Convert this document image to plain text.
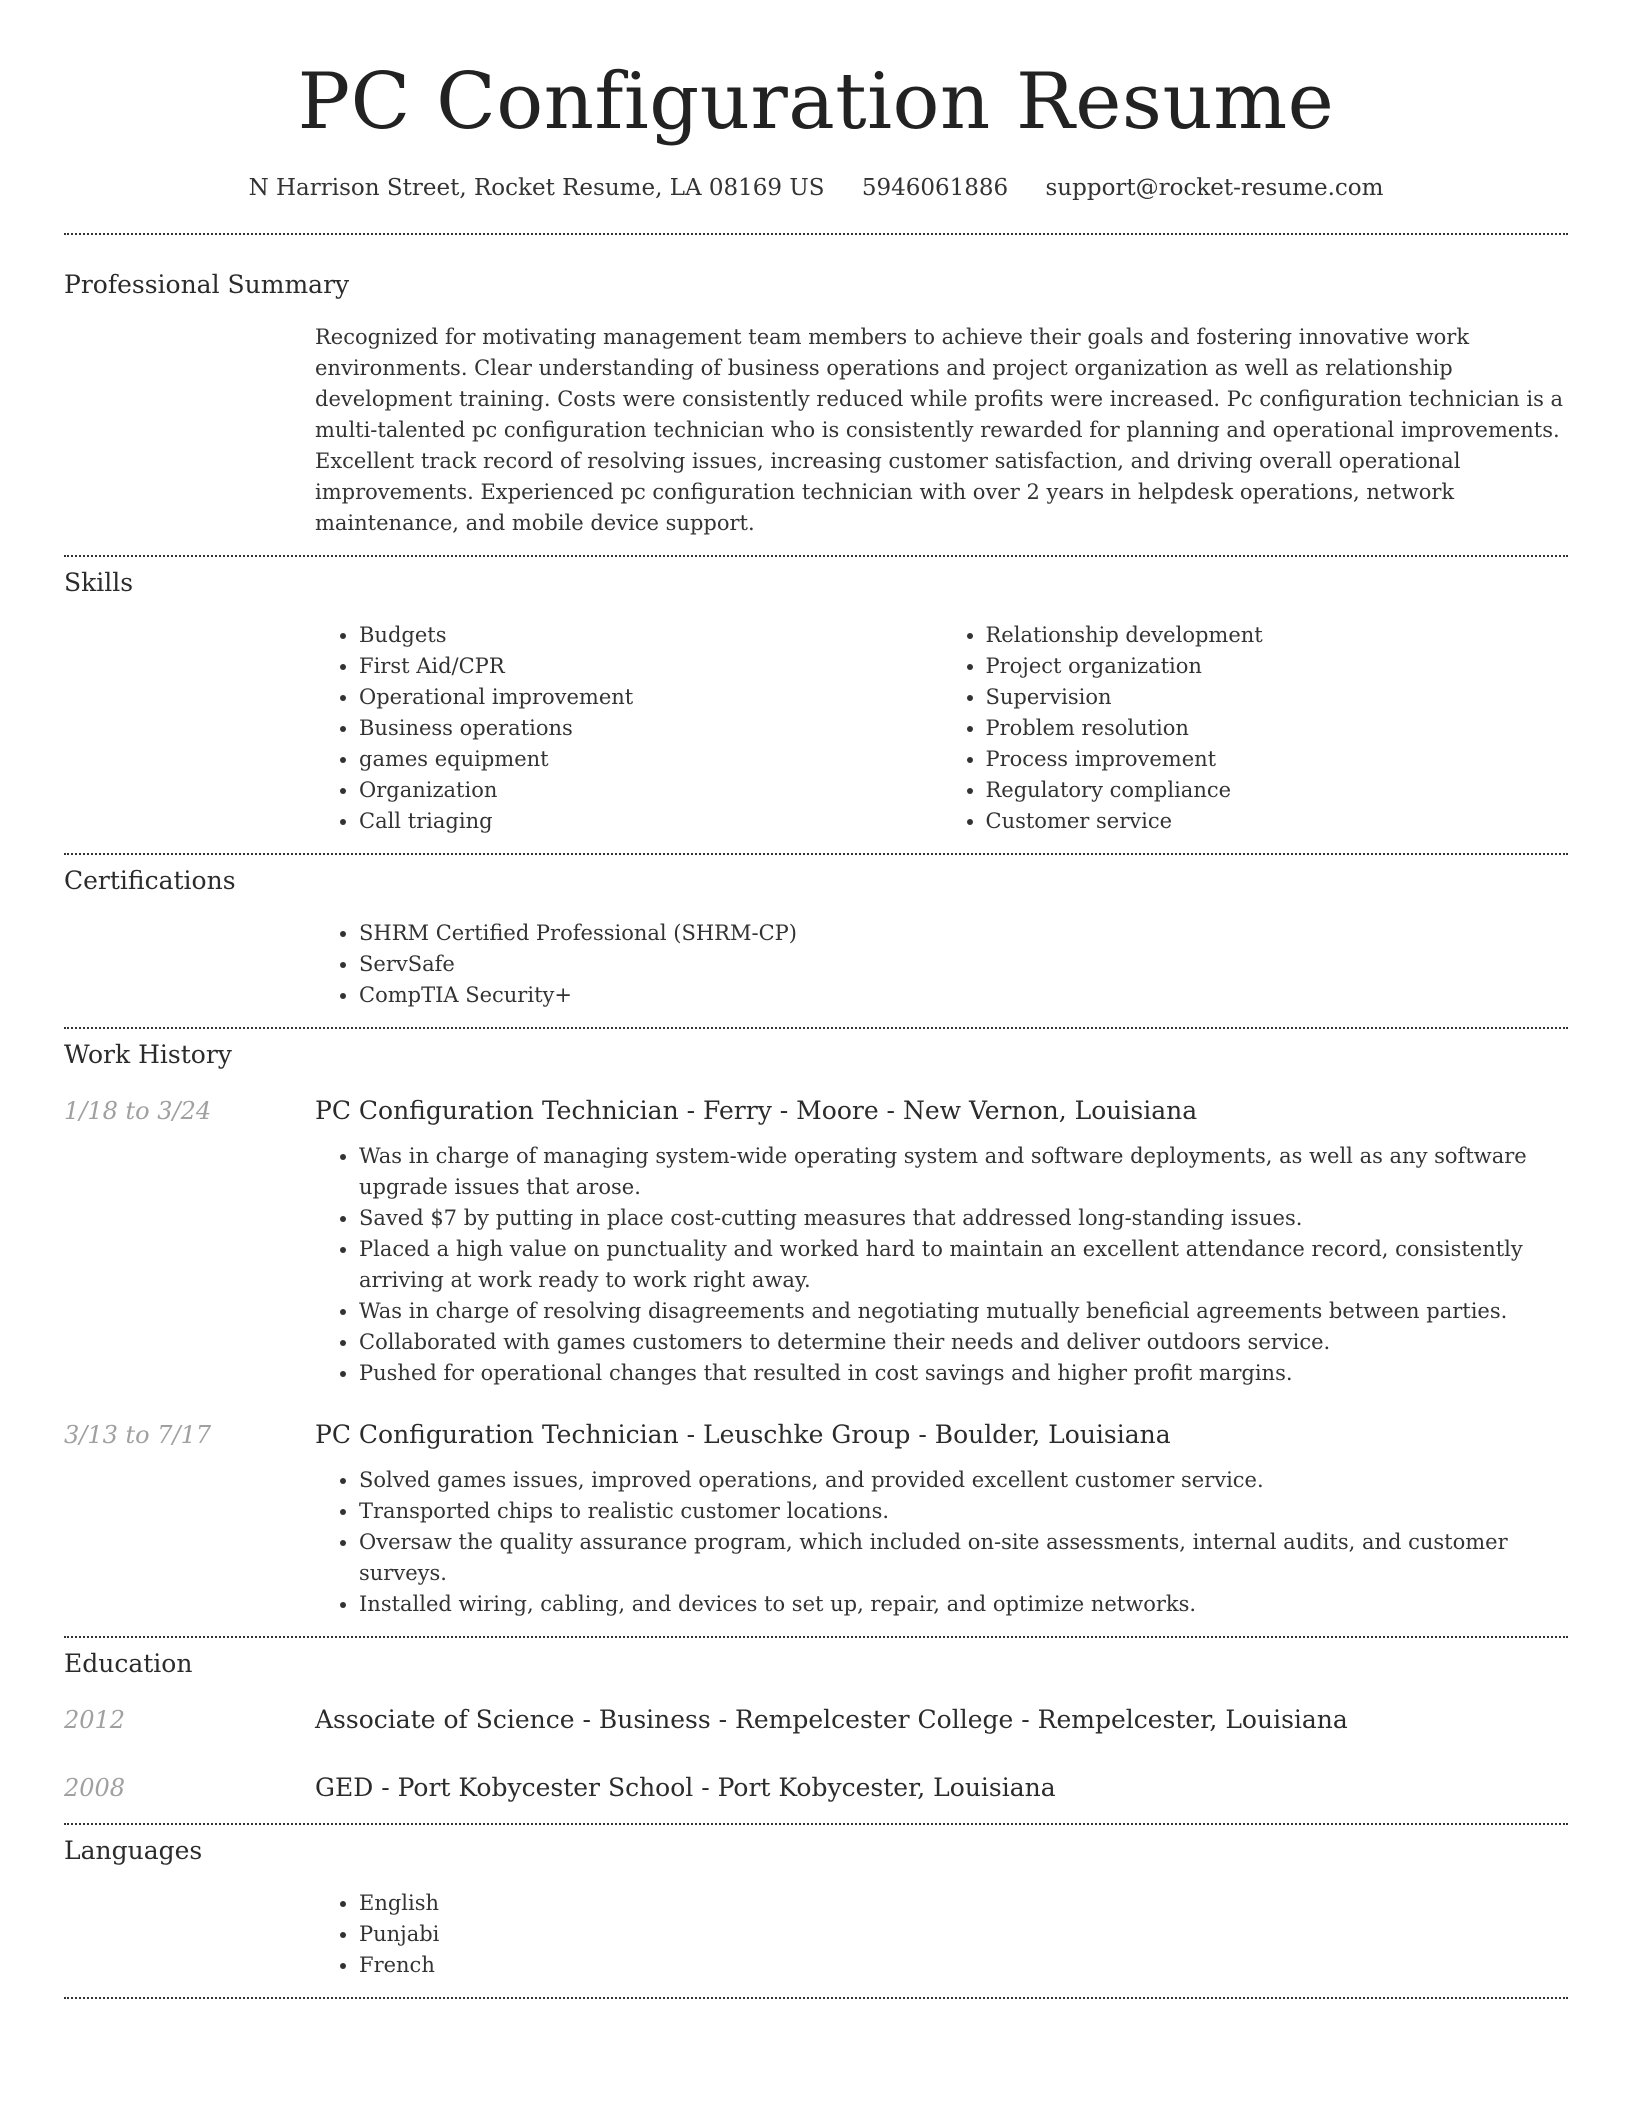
PC Configuration Resume
N Harrison Street, Rocket Resume, LA 08169 US 5946061886 support@rocket-resume.com
Professional Summary

Recognized for motivating management team members to achieve their goals and fostering innovative work environments. Clear understanding of business operations and project organization as well as relationship development training. Costs were consistently reduced while profits were increased. Pc configuration technician is a multi-talented pc configuration technician who is consistently rewarded for planning and operational improvements. Excellent track record of resolving issues, increasing customer satisfaction, and driving overall operational improvements. Experienced pc configuration technician with over 2 years in helpdesk operations, network maintenance, and mobile device support.

Skills
• Budgets
• First Aid/CPR
• Operational improvement
• Business operations
• games equipment
• Organization
• Call triaging
• Relationship development
• Project organization
• Supervision
• Problem resolution
• Process improvement
• Regulatory compliance
• Customer service
Certifications
• SHRM Certified Professional (SHRM-CP)
• ServSafe
• CompTIA Security+
Work History
1/18 to 3/24	PC Configuration Technician - Ferry - Moore - New Vernon, Louisiana
• Was in charge of managing system-wide operating system and software deployments, as well as any software upgrade issues that arose.
• Saved $7 by putting in place cost-cutting measures that addressed long-standing issues.
• Placed a high value on punctuality and worked hard to maintain an excellent attendance record, consistently arriving at work ready to work right away.
• Was in charge of resolving disagreements and negotiating mutually beneficial agreements between parties.
• Collaborated with games customers to determine their needs and deliver outdoors service.
• Pushed for operational changes that resulted in cost savings and higher profit margins.
3/13 to 7/17	PC Configuration Technician - Leuschke Group - Boulder, Louisiana
• Solved games issues, improved operations, and provided excellent customer service.
• Transported chips to realistic customer locations.
• Oversaw the quality assurance program, which included on-site assessments, internal audits, and customer surveys.
• Installed wiring, cabling, and devices to set up, repair, and optimize networks.
Education
2012	Associate of Science - Business - Rempelcester College - Rempelcester, Louisiana
2008	GED - Port Kobycester School - Port Kobycester, Louisiana
Languages
• English
• Punjabi
• French
